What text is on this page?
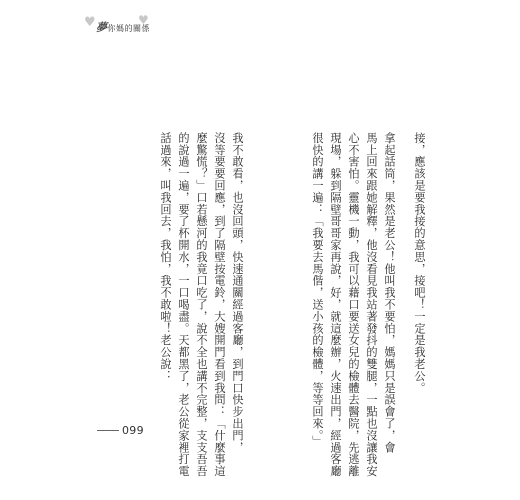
♥	♥
夢你媽的關係
接，應該是要我接的意思，接吧！一定是我老公。
拿起話筒，果然是老公！他叫我不要怕，媽媽只是誤會了，會
馬上回來跟她解釋，他沒看見我站著發抖的雙腿，一點也沒讓我安
心不害怕。靈機一動，我可以藉口要送女兒的檢體去醫院，先逃離
現場，躲到隔壁哥哥家再說，好，就這麼辦，火速出門，經過客廳
很快的講一遍：「我要去馬偕，送小孩的檢體，等等回來。」
我不敢看，也沒回頭，快速通關經過客廳，到門口快步出門，
沒等要要回應，到了隔壁按電鈴，大嫂開門看到我問：「什麼事這
麼驚慌？」口若懸河的我竟口吃了，說不全也講不完整，支支吾吾
的說過一遍，要了杯開水，一口喝盡。天都黑了，老公從家裡打電
話過來，叫我回去，我怕，我不敢啦！老公說：
099
